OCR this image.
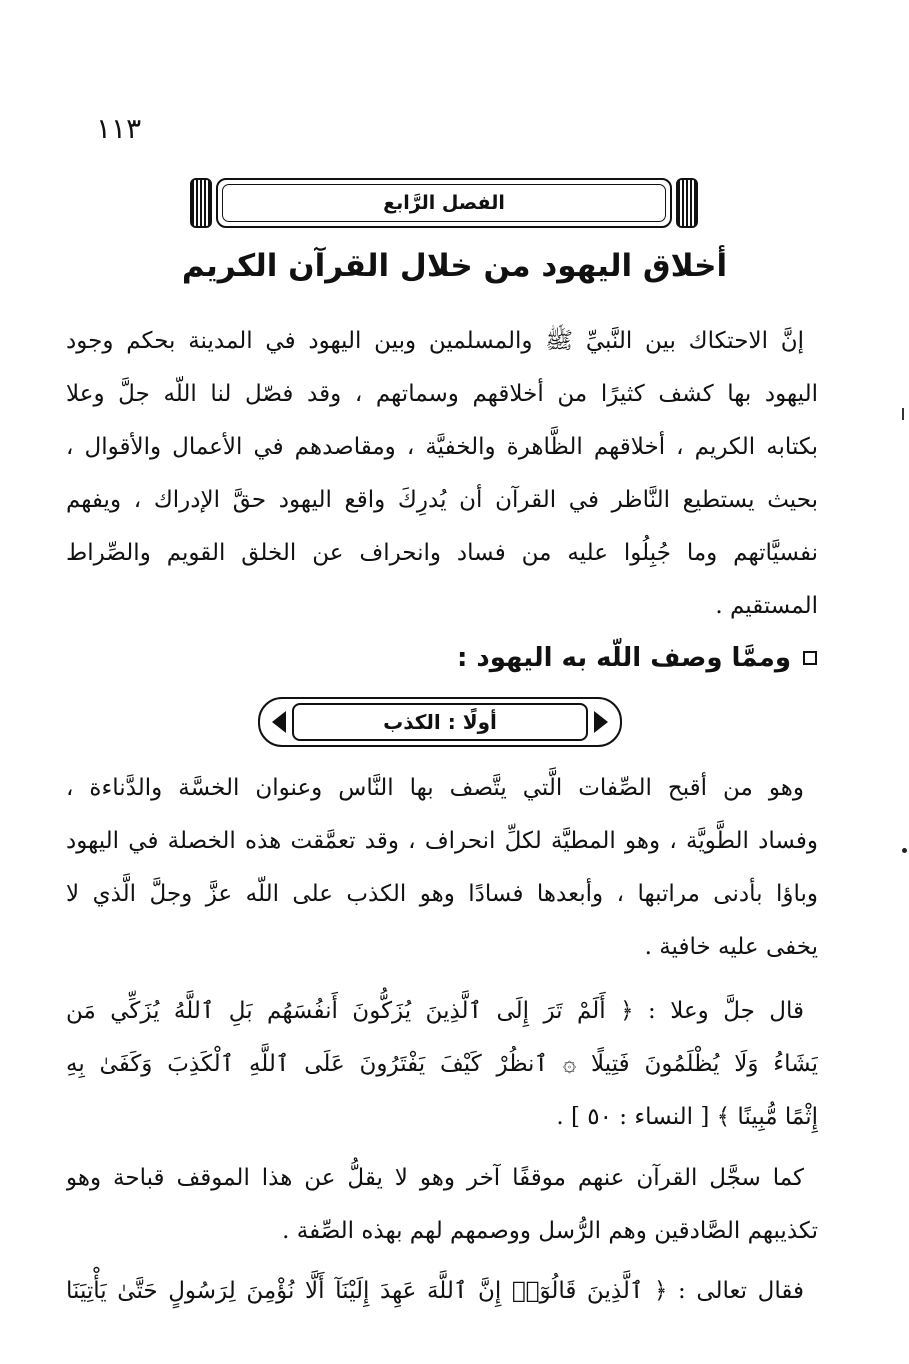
١١٣
الفصل الرَّابع
أخلاق اليهود من خلال القرآن الكريم
إنَّ الاحتكاك بين النَّبيِّ ﷺ والمسلمين وبين اليهود في المدينة بحكم وجود
اليهود بها كشف كثيرًا من أخلاقهم وسماتهم ، وقد فصّل لنا اللّه جلَّ وعلا
بكتابه الكريم ، أخلاقهم الظَّاهرة والخفيَّة ، ومقاصدهم في الأعمال والأقوال ،
بحيث يستطيع النَّاظر في القرآن أن يُدرِكَ واقع اليهود حقَّ الإدراك ، ويفهم
نفسيَّاتهم وما جُبِلُوا عليه من فساد وانحراف عن الخلق القويم والصِّراط
المستقيم .
وممَّا وصف اللّه به اليهود :
أولًا : الكذب
وهو من أقبح الصِّفات الَّتي يتَّصف بها النَّاس وعنوان الخسَّة والدَّناءة ،
وفساد الطَّويَّة ، وهو المطيَّة لكلِّ انحراف ، وقد تعمَّقت هذه الخصلة في اليهود
وباؤا بأدنى مراتبها ، وأبعدها فسادًا وهو الكذب على اللّه عزَّ وجلَّ الَّذي لا
يخفى عليه خافية .
قال جلَّ وعلا : ﴿ أَلَمْ تَرَ إِلَى ٱلَّذِينَ يُزَكُّونَ أَنفُسَهُم بَلِ ٱللَّهُ يُزَكِّي مَن
يَشَاءُ وَلَا يُظْلَمُونَ فَتِيلًا ۞ ٱنظُرْ كَيْفَ يَفْتَرُونَ عَلَى ٱللَّهِ ٱلْكَذِبَ وَكَفَىٰ بِهِ
إِثْمًا مُّبِينًا ﴾ [ النساء : ٥٠ ] .
كما سجَّل القرآن عنهم موقفًا آخر وهو لا يقلُّ عن هذا الموقف قباحة وهو
تكذيبهم الصَّادقين وهم الرُّسل ووصمهم لهم بهذه الصِّفة .
فقال تعالى : ﴿ ٱلَّذِينَ قَالُوٓا۟ إِنَّ ٱللَّهَ عَهِدَ إِلَيْنَآ أَلَّا نُؤْمِنَ لِرَسُولٍ حَتَّىٰ يَأْتِيَنَا
